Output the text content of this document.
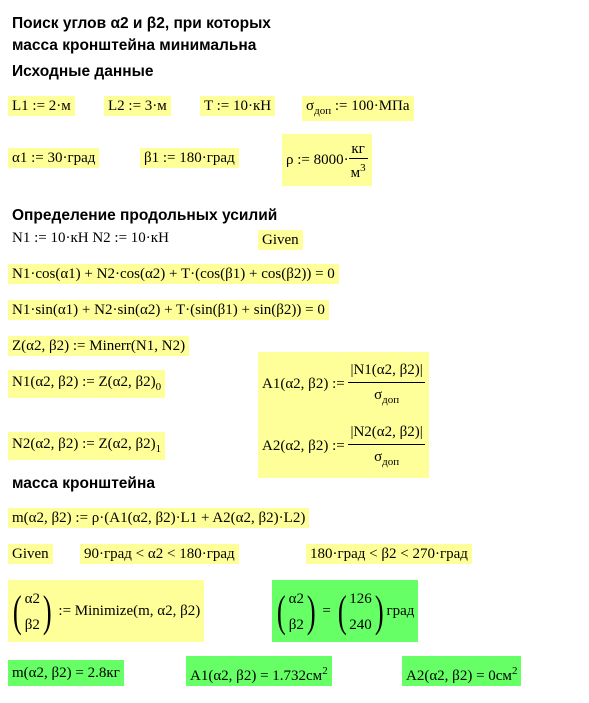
Поиск углов α2 и β2, при которых
масса кронштейна минимальна
Исходные данные
L1 := 2·м L2 := 3·м T := 10·кН $\sigma_{доп}$ := 100·МПа
α1 := 30·град	β1 := 180·град	ρ := $8000\cdot \frac{кг}{м^3}$
Определение продольных усилий
N1 := 10·кН N2 := 10·кН	Given
N1·cos(α1) + N2·cos(α2) + T·(cos(β1) + cos(β2)) = 0
N1·sin(α1) + N2·sin(α2) + T·(sin(β1) + sin(β2)) = 0
Z(α2, β2) := Minerr(N1, N2)
N1(α2, β2) := Z(α2, $\beta 2)_0$	A1(α2, β2) := $\frac{|N1(\alpha 2, \beta 2)|}{\sigma_{доп}}$
N2(α2, β2) := Z(α2, $\beta 2)_1$	A2(α2, β2) := $\frac{|N2(\alpha 2, \beta 2)|}{\sigma_{доп}}$
масса кронштейна
m(α2, β2) := ρ·(A1(α2, β2)·L1 + A2(α2, β2)·L2)
Given 90·град < α2 < 180·град	180·град < β2 < 270·град
( α2
β2 ) := Minimize(m, α2, β2) ( α2
β2 ) = ( 126
240 ) град
m(α2, β2) = 2.8кг	A1(α2, $\beta 2) = 1.732см^2$	A2(α2, $\beta 2) = 0см^2$
